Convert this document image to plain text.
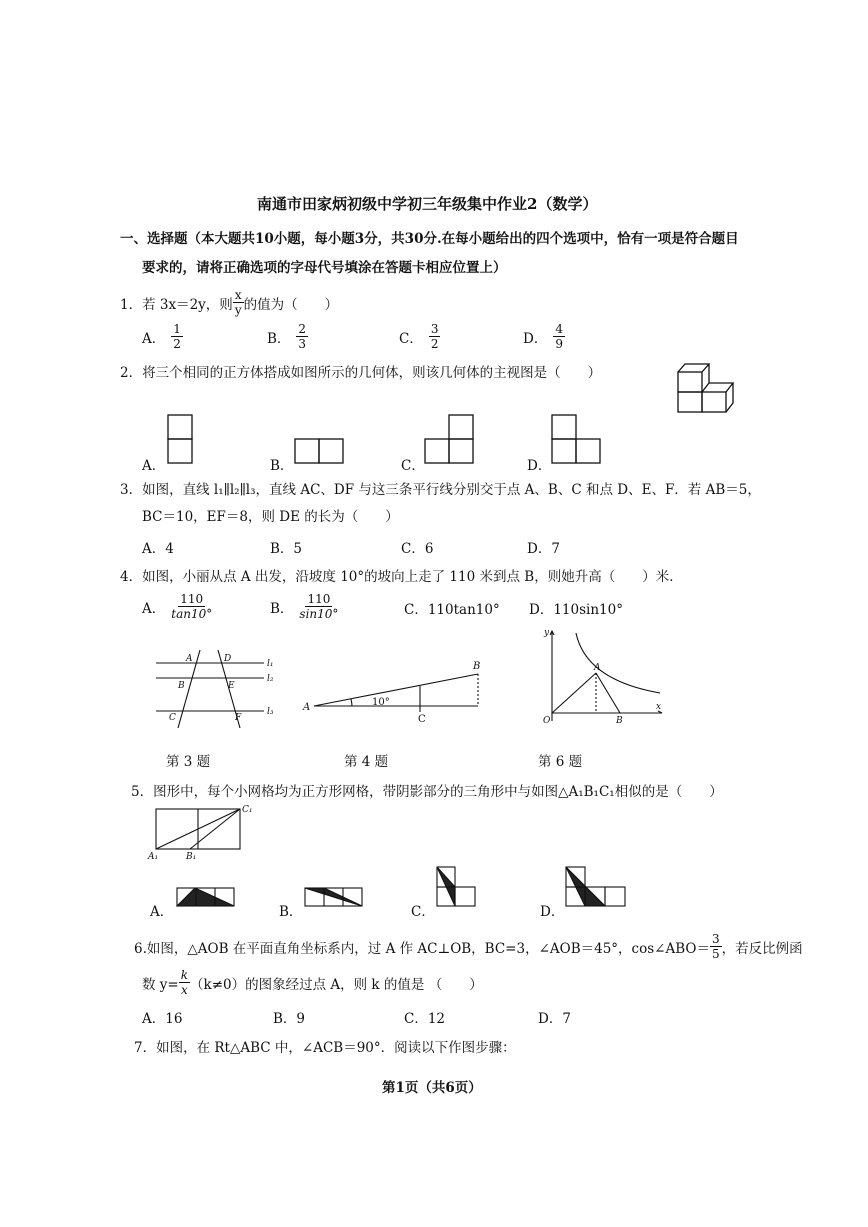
南通市田家炳初级中学初三年级集中作业2（数学）
一、选择题（本大题共10小题，每小题3分，共30分.在每小题给出的四个选项中，恰有一项是符合题目
要求的，请将正确选项的字母代号填涂在答题卡相应位置上）
1．若 3x＝2y，则 $\frac{x}{y}$ 的值为（　　）
A． $\frac{1}{2}$	B． $\frac{2}{3}$	C． $\frac{3}{2}$	D． $\frac{4}{9}$
2．将三个相同的正方体搭成如图所示的几何体，则该几何体的主视图是（　　）
A．	B．	C．	D．
3．如图，直线 l₁∥l₂∥l₃，直线 AC、DF 与这三条平行线分别交于点 A、B、C 和点 D、E、F．若 AB＝5，
BC＝10，EF＝8，则 DE 的长为（　　）
A．4	B．5	C．6	D．7
4．如图，小丽从点 A 出发，沿坡度 10°的坡向上走了 110 米到点 B，则她升高（　　）米．
A． $\frac{110}{\tan 10^\circ}$	B． $\frac{110}{\sin 10^\circ}$	C．110tan10° D．110sin10°
A	D
B	E
C	F
l₁
l₂
l₃
第 3 题
A
B
C
10°
第 4 题
y
x
O
A
B
第 6 题
5．图形中，每个小网格均为正方形网格，带阴影部分的三角形中与如图△A₁B₁C₁相似的是（　　）
A₁	B₁
C₁
A．	B．	C．	D．
6.如图，△AOB 在平面直角坐标系内，过 A 作 AC⊥OB，BC=3，∠AOB＝45°，cos∠ABO＝ $\frac{3}{5}$ ，若反比例函
数 $y= \frac{k}{x} (k\ne 0)$的图象经过点 A，则 k 的值是 （　　）
A．16	B．9	C．12	D．7
7．如图，在 Rt△ABC 中，∠ACB＝90°．阅读以下作图步骤：
第1页（共6页）
